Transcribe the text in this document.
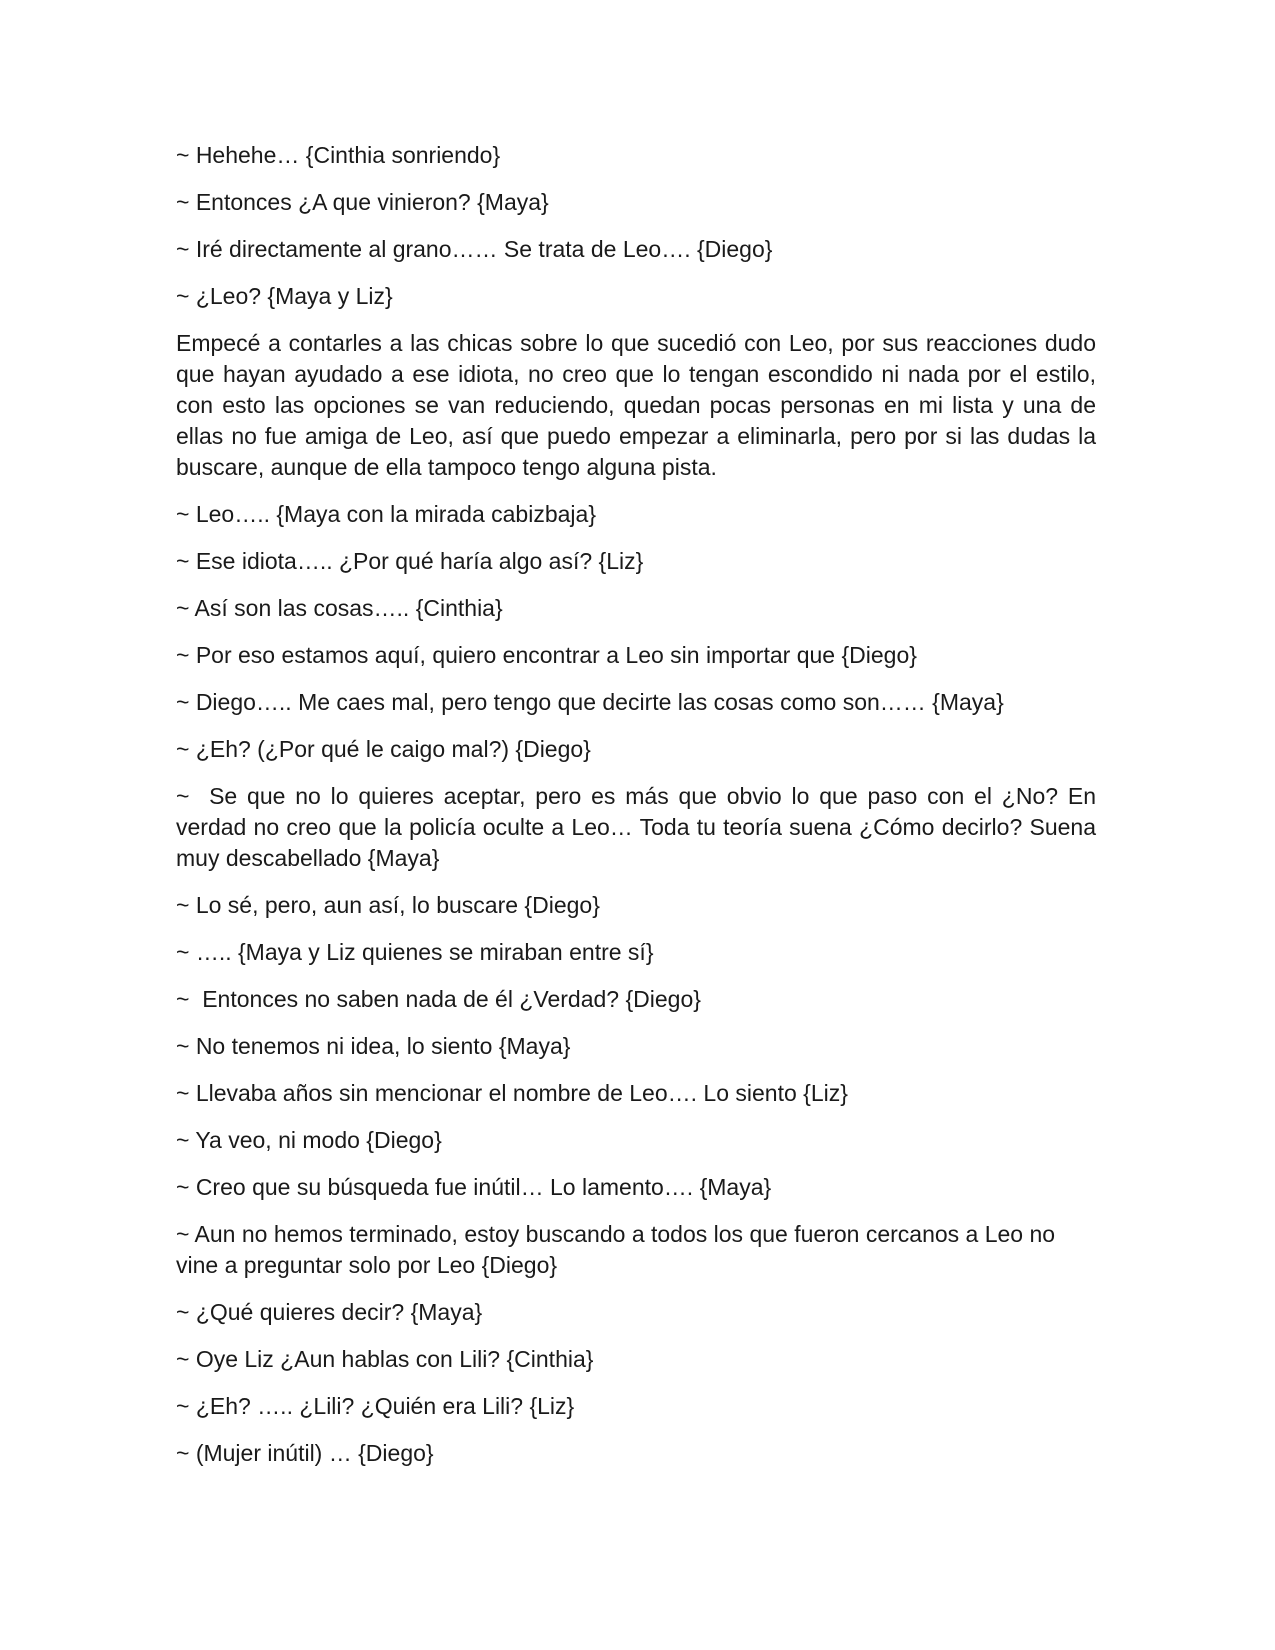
~ Hehehe… {Cinthia sonriendo}

~ Entonces ¿A que vinieron? {Maya}

~ Iré directamente al grano…… Se trata de Leo…. {Diego}

~ ¿Leo? {Maya y Liz}

Empecé a contarles a las chicas sobre lo que sucedió con Leo, por sus reacciones dudo que hayan ayudado a ese idiota, no creo que lo tengan escondido ni nada por el estilo, con esto las opciones se van reduciendo, quedan pocas personas en mi lista y una de ellas no fue amiga de Leo, así que puedo empezar a eliminarla, pero por si las dudas la buscare, aunque de ella tampoco tengo alguna pista.

~ Leo….. {Maya con la mirada cabizbaja}

~ Ese idiota….. ¿Por qué haría algo así? {Liz}

~ Así son las cosas….. {Cinthia}

~ Por eso estamos aquí, quiero encontrar a Leo sin importar que {Diego}

~ Diego….. Me caes mal, pero tengo que decirte las cosas como son…… {Maya}

~ ¿Eh? (¿Por qué le caigo mal?) {Diego}

~  Se que no lo quieres aceptar, pero es más que obvio lo que paso con el ¿No? En verdad no creo que la policía oculte a Leo… Toda tu teoría suena ¿Cómo decirlo? Suena muy descabellado {Maya}

~ Lo sé, pero, aun así, lo buscare {Diego}

~ ….. {Maya y Liz quienes se miraban entre sí}

~  Entonces no saben nada de él ¿Verdad? {Diego}

~ No tenemos ni idea, lo siento {Maya}

~ Llevaba años sin mencionar el nombre de Leo…. Lo siento {Liz}

~ Ya veo, ni modo {Diego}

~ Creo que su búsqueda fue inútil… Lo lamento…. {Maya}

~ Aun no hemos terminado, estoy buscando a todos los que fueron cercanos a Leo no vine a preguntar solo por Leo {Diego}

~ ¿Qué quieres decir? {Maya}

~ Oye Liz ¿Aun hablas con Lili? {Cinthia}

~ ¿Eh? ….. ¿Lili? ¿Quién era Lili? {Liz}

~ (Mujer inútil) … {Diego}
